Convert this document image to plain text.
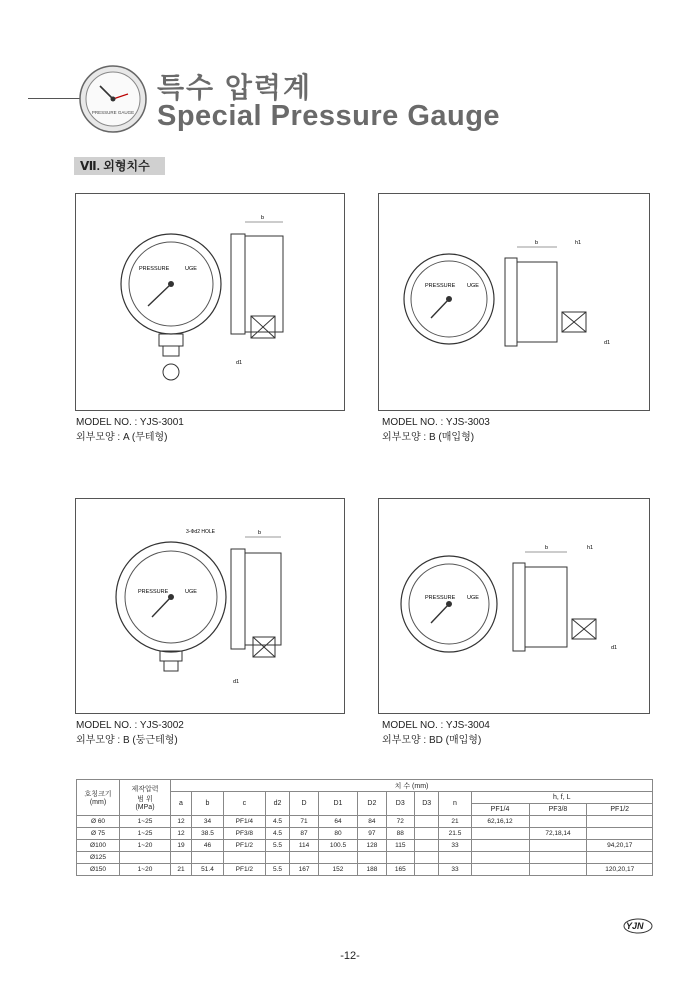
PRESSURE GAUGE
특수 압력계
Special Pressure Gauge
Ⅶ. 외형치수
PRESSURE	UGE
b
d1
MODEL NO. : YJS-3001
외부모양 : A (무테형)
PRESSURE UGE
b	h1
d1
MODEL NO. : YJS-3003
외부모양 : B (매입형)
PRESSURE	UGE
3-Φd2 HOLE	b
d1
MODEL NO. : YJS-3002
외부모양 : B (둥근테형)
PRESSURE UGE
b	h1
d1
MODEL NO. : YJS-3004
외부모양 : BD (매입형)
호칭크기
(mm)	제작압력
범 위
(MPa)	치 수 (mm)												
		a	b	c	d2	D	D1	D2	D3	D3	n	h, f, L		
												PF1/4	PF3/8	PF1/2
Ø 60	1~25	12	34	PF1/4	4.5	71	64	84	72		21	62,16,12		
Ø 75	1~25	12	38.5	PF3/8	4.5	87	80	97	88		21.5		72,18,14	
Ø100	1~20	19	46	PF1/2	5.5	114	100.5	128	115		33			94,20,17
Ø125														
Ø150	1~20	21	51.4	PF1/2	5.5	167	152	188	165		33			120,20,17
YJN
-12-
